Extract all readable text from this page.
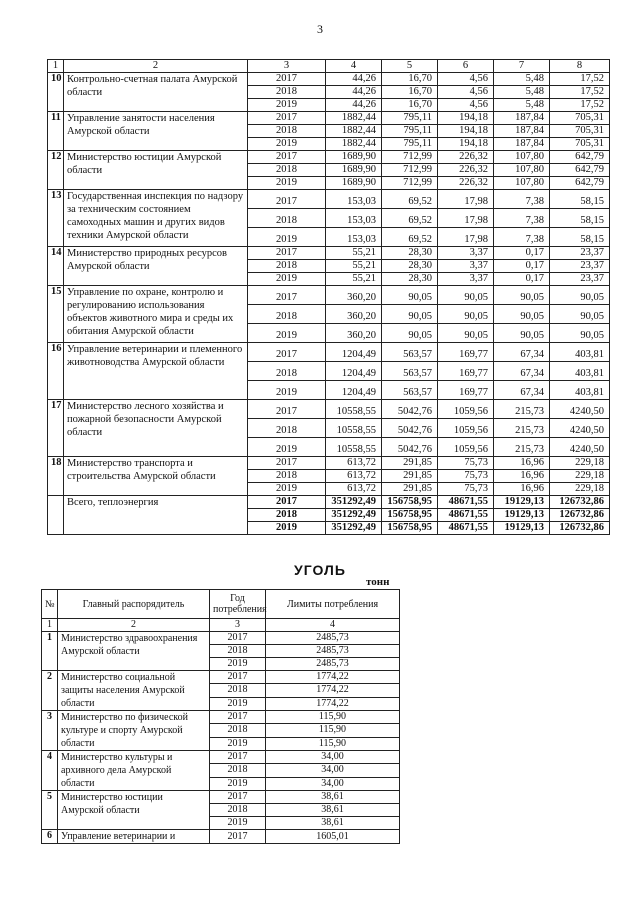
3
1	2	3	4	5	6	7	8
10	Контрольно-счетная палата Амурской области	2017	44,26	16,70	4,56	5,48	17,52
		2018	44,26	16,70	4,56	5,48	17,52
		2019	44,26	16,70	4,56	5,48	17,52
11	Управление занятости населения Амурской области	2017	1882,44	795,11	194,18	187,84	705,31
		2018	1882,44	795,11	194,18	187,84	705,31
		2019	1882,44	795,11	194,18	187,84	705,31
12	Министерство юстиции Амурской области	2017	1689,90	712,99	226,32	107,80	642,79
		2018	1689,90	712,99	226,32	107,80	642,79
		2019	1689,90	712,99	226,32	107,80	642,79
13	Государственная инспекция по надзору за техническим состоянием самоходных машин и других видов техники Амурской области	2017	153,03	69,52	17,98	7,38	58,15
		2018	153,03	69,52	17,98	7,38	58,15
		2019	153,03	69,52	17,98	7,38	58,15
14	Министерство природных ресурсов Амурской области	2017	55,21	28,30	3,37	0,17	23,37
		2018	55,21	28,30	3,37	0,17	23,37
		2019	55,21	28,30	3,37	0,17	23,37
15	Управление по охране, контролю и регулированию использования объектов животного мира и среды их обитания Амурской области	2017	360,20	90,05	90,05	90,05	90,05
		2018	360,20	90,05	90,05	90,05	90,05
		2019	360,20	90,05	90,05	90,05	90,05
16	Управление ветеринарии и племенного животноводства Амурской области	2017	1204,49	563,57	169,77	67,34	403,81
		2018	1204,49	563,57	169,77	67,34	403,81
		2019	1204,49	563,57	169,77	67,34	403,81
17	Министерство лесного хозяйства и пожарной безопасности Амурской области	2017	10558,55	5042,76	1059,56	215,73	4240,50
		2018	10558,55	5042,76	1059,56	215,73	4240,50
		2019	10558,55	5042,76	1059,56	215,73	4240,50
18	Министерство транспорта и строительства Амурской области	2017	613,72	291,85	75,73	16,96	229,18
		2018	613,72	291,85	75,73	16,96	229,18
		2019	613,72	291,85	75,73	16,96	229,18
	Всего, теплоэнергия	2017	351292,49	156758,95	48671,55	19129,13	126732,86
		2018	351292,49	156758,95	48671,55	19129,13	126732,86
		2019	351292,49	156758,95	48671,55	19129,13	126732,86
УГОЛЬ
тонн
№	Главный распорядитель	Год потребления	Лимиты потребления
1	2	3	4
1	Министерство здравоохранения Амурской области	2017	2485,73
		2018	2485,73
		2019	2485,73
2	Министерство социальной защиты населения Амурской области	2017	1774,22
		2018	1774,22
		2019	1774,22
3	Министерство по физической культуре и спорту Амурской области	2017	115,90
		2018	115,90
		2019	115,90
4	Министерство культуры и архивного дела Амурской области	2017	34,00
		2018	34,00
		2019	34,00
5	Министерство юстиции Амурской области	2017	38,61
		2018	38,61
		2019	38,61
6	Управление ветеринарии и	2017	1605,01
